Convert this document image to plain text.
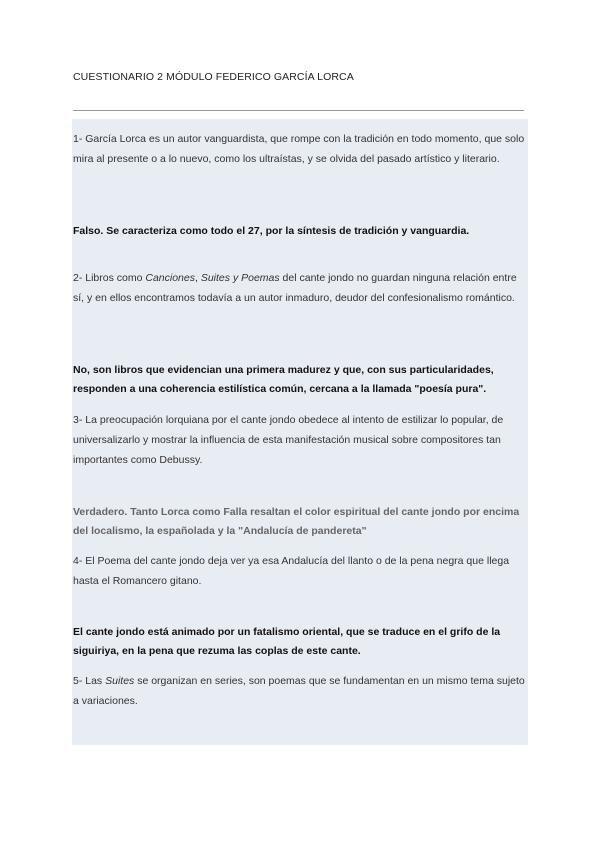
CUESTIONARIO 2 MÓDULO FEDERICO GARCÍA LORCA
1- García Lorca es un autor vanguardista, que rompe con la tradición en todo momento, que solo mira al presente o a lo nuevo, como los ultraístas, y se olvida del pasado artístico y literario.
Falso. Se caracteriza como todo el 27, por la síntesis de tradición y vanguardia.
2- Libros como Canciones, Suites y Poemas del cante jondo no guardan ninguna relación entre sí, y en ellos encontramos todavía a un autor inmaduro, deudor del confesionalismo romántico.
No, son libros que evidencian una primera madurez y que, con sus particularidades, responden a una coherencia estilística común, cercana a la llamada "poesía pura".
3- La preocupación lorquiana por el cante jondo obedece al intento de estilizar lo popular, de universalizarlo y mostrar la influencia de esta manifestación musical sobre compositores tan importantes como Debussy.
Verdadero. Tanto Lorca como Falla resaltan el color espiritual del cante jondo por encima del localismo, la españolada y la "Andalucía de pandereta"
4- El Poema del cante jondo deja ver ya esa Andalucía del llanto o de la pena negra que llega hasta el Romancero gitano.
El cante jondo está animado por un fatalismo oriental, que se traduce en el grifo de la siguiriya, en la pena que rezuma las coplas de este cante.
5- Las Suites se organizan en series, son poemas que se fundamentan en un mismo tema sujeto a variaciones.
